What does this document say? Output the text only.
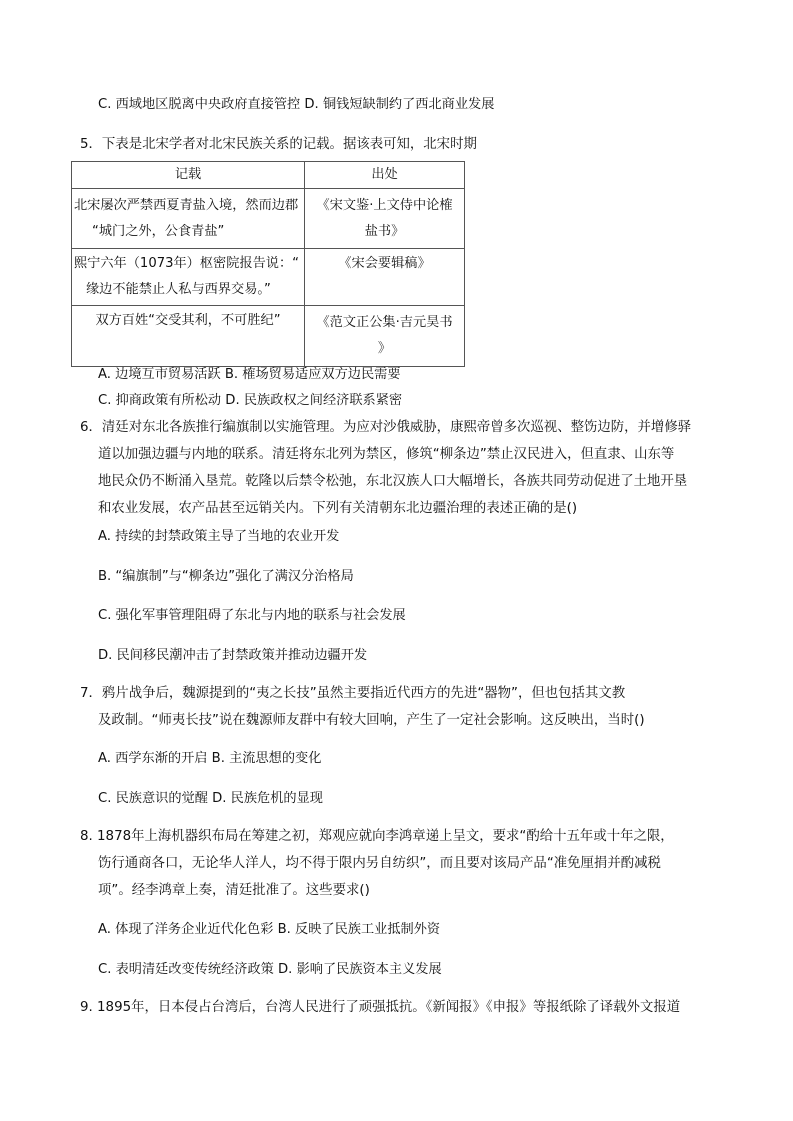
C. 西域地区脱离中央政府直接管控 D. 铜钱短缺制约了西北商业发展
5．下表是北宋学者对北宋民族关系的记载。据该表可知，北宋时期
记载	出处

北宋屡次严禁西夏青盐入境，然而边郡
“城门之外，公食青盐”	《宋文鉴·上文侍中论榷
盐书》

熙宁六年（1073年）枢密院报告说：“
缘边不能禁止人私与西界交易。”	《宋会要辑稿》

双方百姓“交受其利，不可胜纪”	《范文正公集·吉元昊书
》
A. 边境互市贸易活跃 B. 榷场贸易适应双方边民需要
C. 抑商政策有所松动 D. 民族政权之间经济联系紧密
6．清廷对东北各族推行编旗制以实施管理。为应对沙俄威胁，康熙帝曾多次巡视、整饬边防，并增修驿
道以加强边疆与内地的联系。清廷将东北列为禁区，修筑“柳条边”禁止汉民进入，但直隶、山东等
地民众仍不断涌入垦荒。乾隆以后禁令松弛，东北汉族人口大幅增长，各族共同劳动促进了土地开垦
和农业发展，农产品甚至远销关内。下列有关清朝东北边疆治理的表述正确的是()
A. 持续的封禁政策主导了当地的农业开发
B. “编旗制”与“柳条边”强化了满汉分治格局
C. 强化军事管理阻碍了东北与内地的联系与社会发展
D. 民间移民潮冲击了封禁政策并推动边疆开发
7．鸦片战争后，魏源提到的“夷之长技”虽然主要指近代西方的先进“器物”，但也包括其文教
及政制。“师夷长技”说在魏源师友群中有较大回响，产生了一定社会影响。这反映出，当时()
A. 西学东渐的开启 B. 主流思想的变化
C. 民族意识的觉醒 D. 民族危机的显现
8. 1878年上海机器织布局在筹建之初，郑观应就向李鸿章递上呈文，要求“酌给十五年或十年之限，
饬行通商各口，无论华人洋人，均不得于限内另自纺织”，而且要对该局产品“准免厘捐并酌减税
项”。经李鸿章上奏，清廷批准了。这些要求()
A. 体现了洋务企业近代化色彩 B. 反映了民族工业抵制外资
C. 表明清廷改变传统经济政策 D. 影响了民族资本主义发展
9. 1895年，日本侵占台湾后，台湾人民进行了顽强抵抗。《新闻报》《申报》等报纸除了译载外文报道
